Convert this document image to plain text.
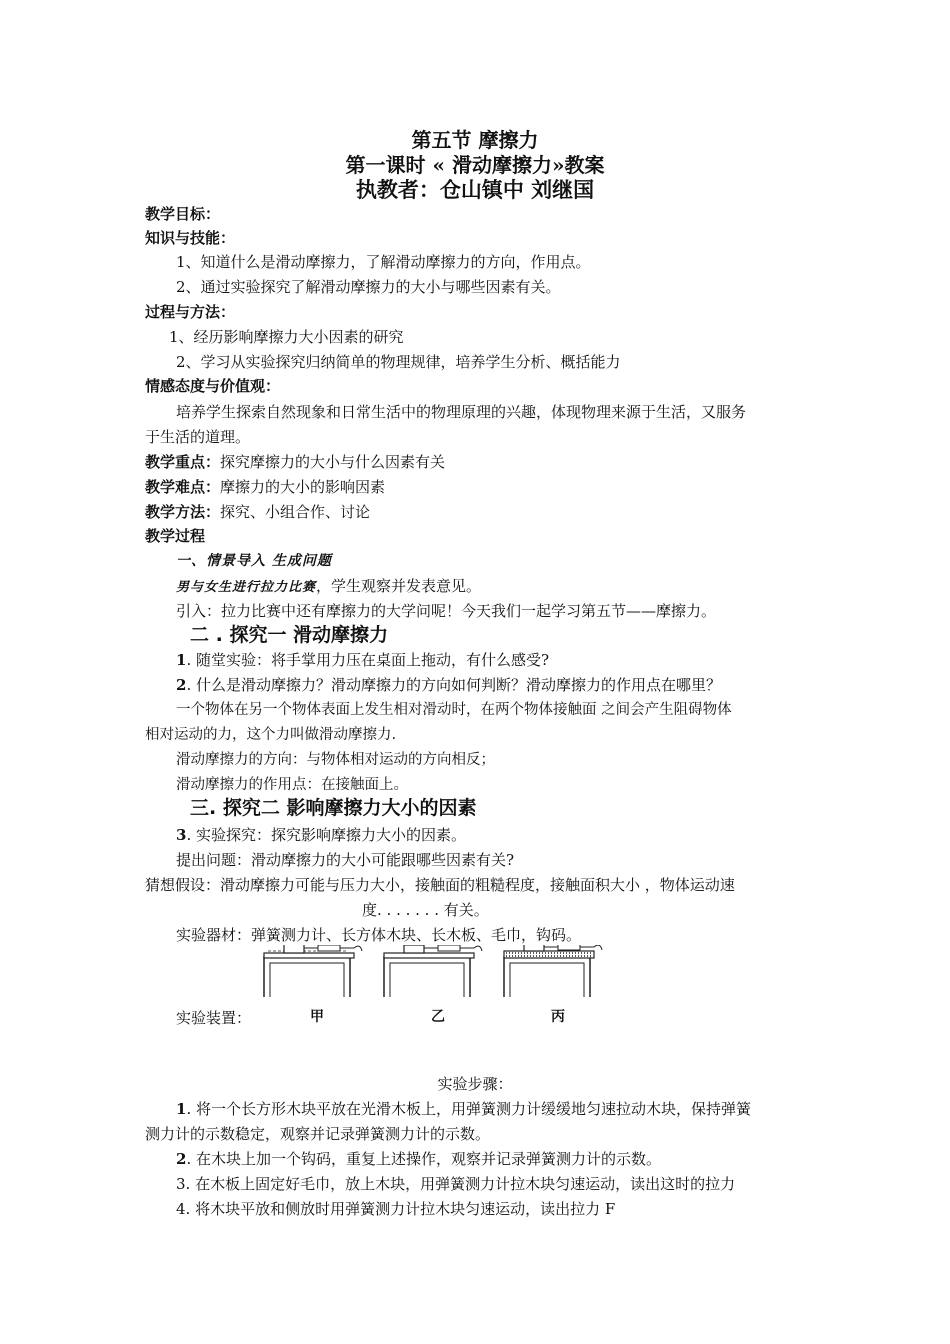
第五节 摩擦力
第一课时 « 滑动摩擦力»教案
执教者：仓山镇中 刘继国
教学目标：
知识与技能：
1、知道什么是滑动摩擦力，了解滑动摩擦力的方向，作用点。
2、通过实验探究了解滑动摩擦力的大小与哪些因素有关。
过程与方法：
1、经历影响摩擦力大小因素的研究
2、学习从实验探究归纳简单的物理规律，培养学生分析、概括能力
情感态度与价值观：
培养学生探索自然现象和日常生活中的物理原理的兴趣，体现物理来源于生活，又服务
于生活的道理。
教学重点：探究摩擦力的大小与什么因素有关
教学难点：摩擦力的大小的影响因素
教学方法：探究、小组合作、讨论
教学过程
一、情景导入 生成问题
男与女生进行拉力比赛，学生观察并发表意见。
引入：拉力比赛中还有摩擦力的大学问呢！今天我们一起学习第五节——摩擦力。
二 . 探究一 滑动摩擦力
1. 随堂实验：将手掌用力压在桌面上拖动，有什么感受?
2. 什么是滑动摩擦力？滑动摩擦力的方向如何判断？滑动摩擦力的作用点在哪里？
一个物体在另一个物体表面上发生相对滑动时，在两个物体接触面 之间会产生阻碍物体
相对运动的力，这个力叫做滑动摩擦力.
滑动摩擦力的方向：与物体相对运动的方向相反；
滑动摩擦力的作用点：在接触面上。
三. 探究二 影响摩擦力大小的因素
3. 实验探究：探究影响摩擦力大小的因素。
提出问题：滑动摩擦力的大小可能跟哪些因素有关?
猜想假设：滑动摩擦力可能与压力大小，接触面的粗糙程度，接触面积大小 ，物体运动速
度. . . . . . . 有关。
实验器材：弹簧测力计、长方体木块、长木板、毛巾，钩码。
实验装置：	甲	乙	丙
实验步骤：
1. 将一个长方形木块平放在光滑木板上，用弹簧测力计缓缓地匀速拉动木块，保持弹簧
测力计的示数稳定，观察并记录弹簧测力计的示数。
2. 在木块上加一个钩码，重复上述操作，观察并记录弹簧测力计的示数。
3. 在木板上固定好毛巾，放上木块，用弹簧测力计拉木块匀速运动，读出这时的拉力
4. 将木块平放和侧放时用弹簧测力计拉木块匀速运动，读出拉力 F
